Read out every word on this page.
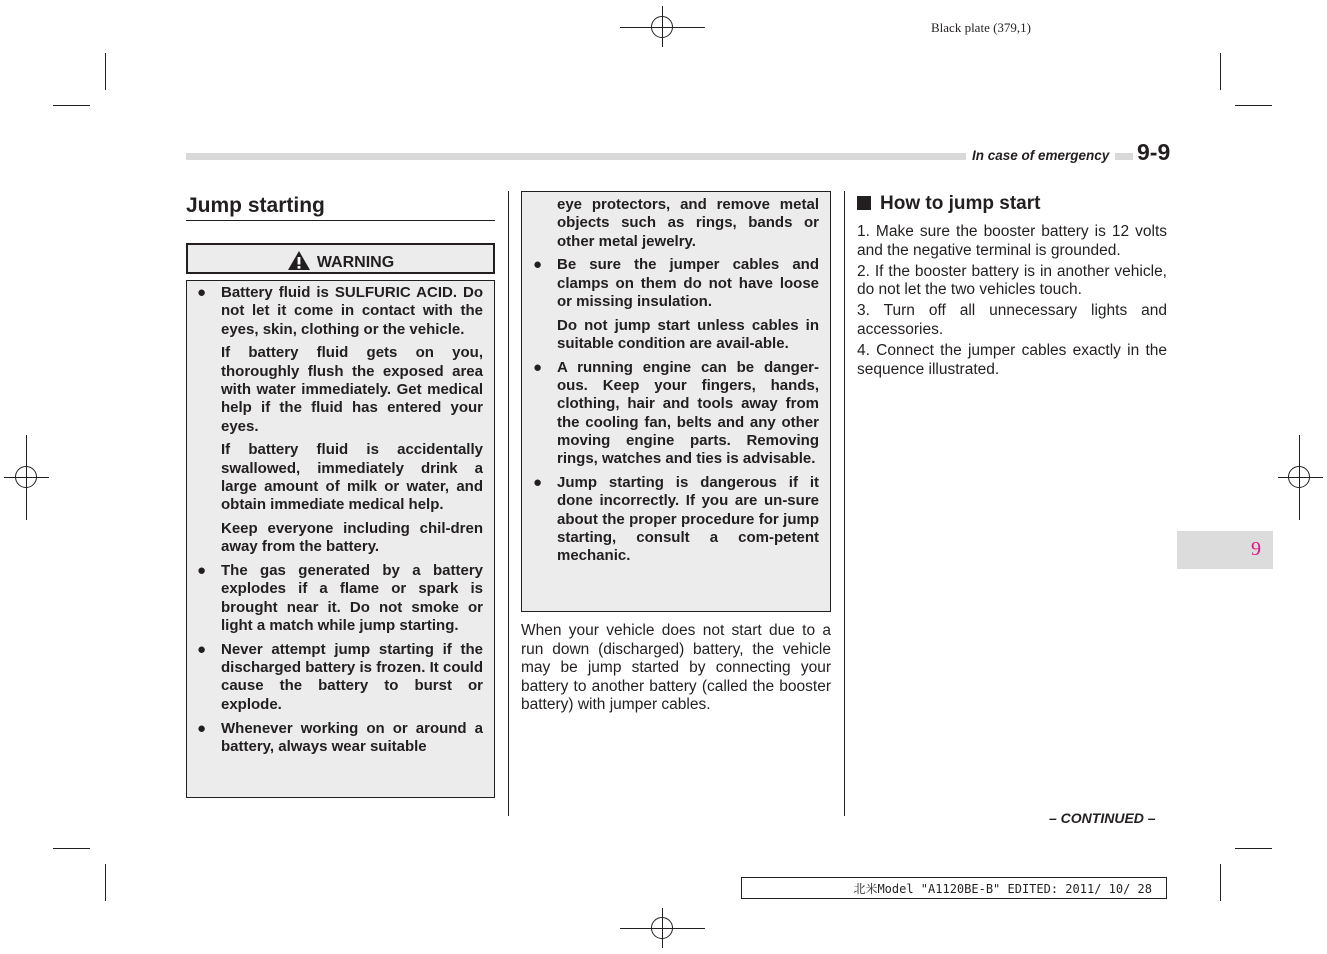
Black plate (379,1)
In case of emergency 9-9
9
Jump starting
WARNING
● Battery fluid is SULFURIC ACID. Do not let it come in contact with the eyes, skin, clothing or the vehicle.
If battery fluid gets on you, thoroughly flush the exposed area with water immediately. Get medical help if the fluid has entered your eyes.
If battery fluid is accidentally swallowed, immediately drink a large amount of milk or water, and obtain immediate medical help.
Keep everyone including chil-dren away from the battery.
● The gas generated by a battery explodes if a flame or spark is brought near it. Do not smoke or light a match while jump starting.
● Never attempt jump starting if the discharged battery is frozen. It could cause the battery to burst or explode.
● Whenever working on or around a battery, always wear suitable
eye protectors, and remove metal objects such as rings, bands or other metal jewelry.
● Be sure the jumper cables and clamps on them do not have loose or missing insulation.
Do not jump start unless cables in suitable condition are avail-able.
● A running engine can be danger-ous. Keep your fingers, hands, clothing, hair and tools away from the cooling fan, belts and any other moving engine parts. Removing rings, watches and ties is advisable.
● Jump starting is dangerous if it done incorrectly. If you are un-sure about the proper procedure for jump starting, consult a com-petent mechanic.
When your vehicle does not start due to a run down (discharged) battery, the vehicle may be jump started by connecting your battery to another battery (called the booster battery) with jumper cables.
How to jump start
1. Make sure the booster battery is 12 volts and the negative terminal is grounded.
2. If the booster battery is in another vehicle, do not let the two vehicles touch.
3. Turn off all unnecessary lights and accessories.
4. Connect the jumper cables exactly in the sequence illustrated.
– CONTINUED –
北米Model "A1120BE-B" EDITED: 2011/ 10/ 28
